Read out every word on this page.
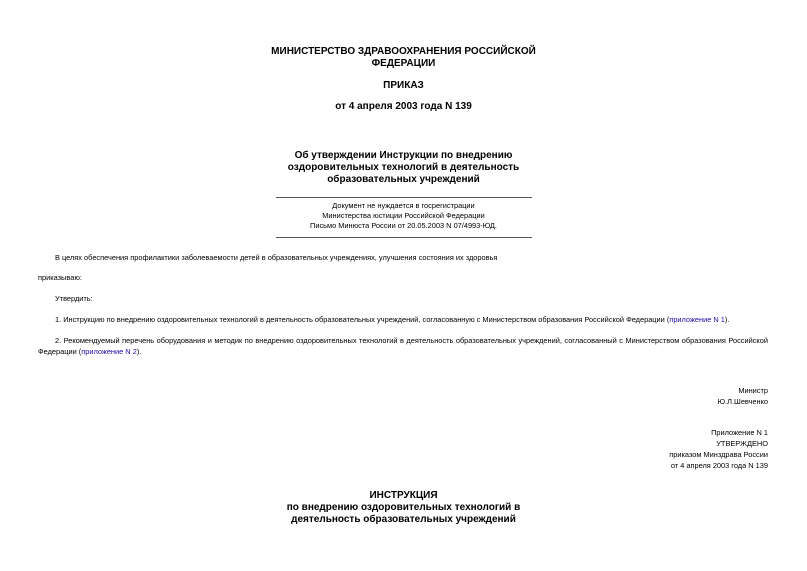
МИНИСТЕРСТВО ЗДРАВООХРАНЕНИЯ РОССИЙСКОЙ
ФЕДЕРАЦИИ
ПРИКАЗ
от 4 апреля 2003 года N 139
Об утверждении Инструкции по внедрению
оздоровительных технологий в деятельность
образовательных учреждений
Документ не нуждается в госрегистрации
Министерства юстиции Российской Федерации
Письмо Минюста России от 20.05.2003 N 07/4993-ЮД.
В целях обеспечения профилактики заболеваемости детей в образовательных учреждениях, улучшения состояния их здоровья
приказываю:
Утвердить:
1. Инструкцию по внедрению оздоровительных технологий в деятельность образовательных учреждений, согласованную с Министерством образования Российской Федерации (приложение N 1).
2. Рекомендуемый перечень оборудования и методик по внедрению оздоровительных технологий в деятельность образовательных учреждений, согласованный с Министерством образования Российской Федерации (приложение N 2).
Министр
Ю.Л.Шевченко
Приложение N 1
УТВЕРЖДЕНО
приказом Минздрава России
от 4 апреля 2003 года N 139
ИНСТРУКЦИЯ
по внедрению оздоровительных технологий в
деятельность образовательных учреждений
